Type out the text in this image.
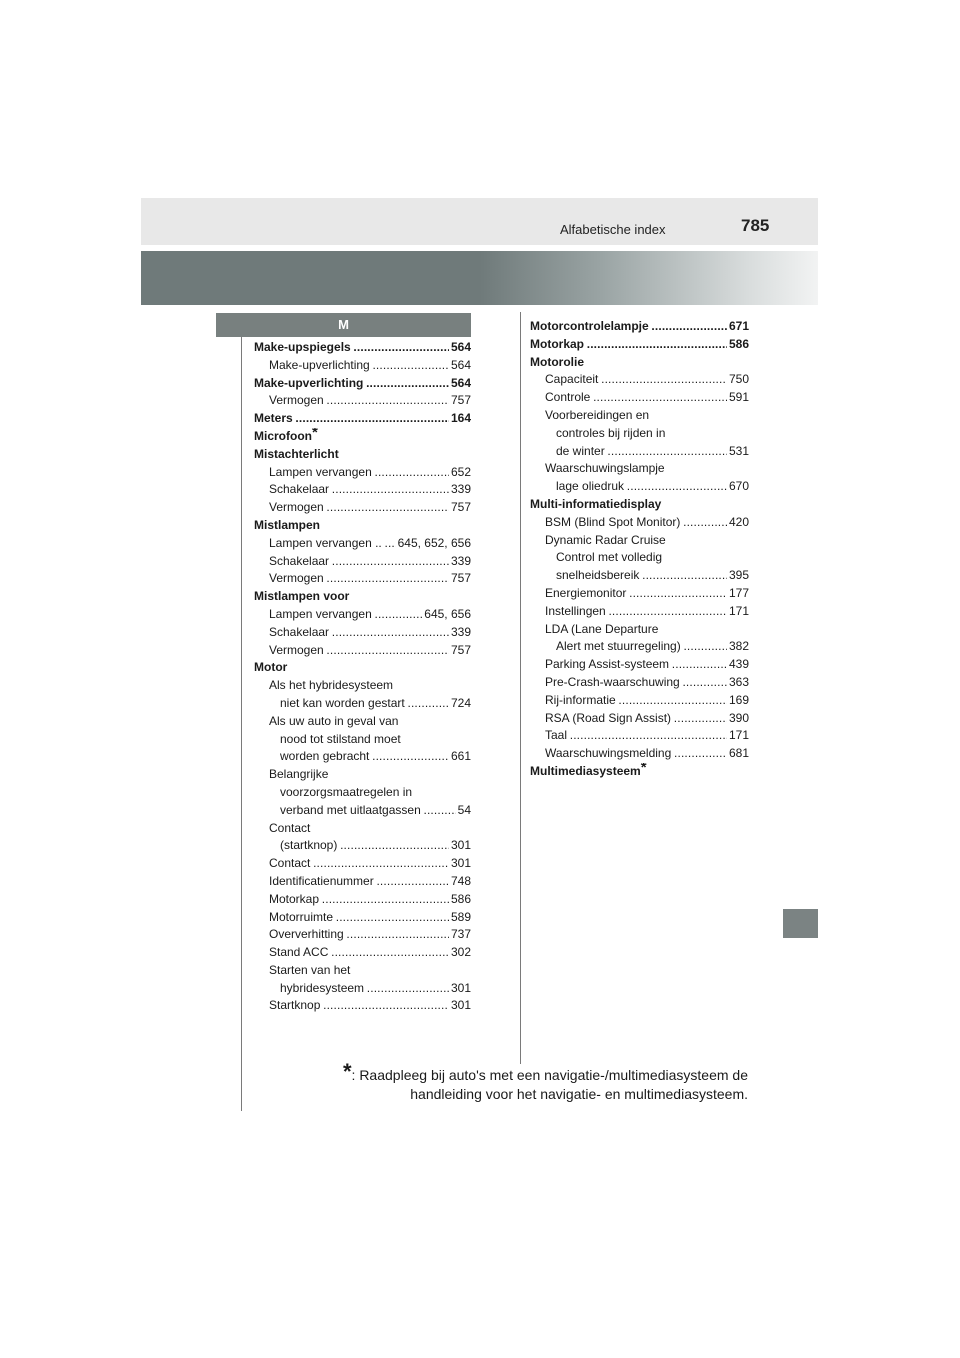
Alfabetische index	785
M
Make-upspiegels	564
. . .
Make-upverlichting	564
. . .
Make-upverlichting	564
. . .
Vermogen	757
. . .
Meters	164
. . .
Microfoon*
Mistachterlicht
Lampen vervangen	652
. . .
Schakelaar	339
. . .
Vermogen	757
. . .
Mistlampen
Lampen vervangen .. 645, 652, 656
. . .
Schakelaar	339
. . .
Vermogen	757
. . .
Mistlampen voor
Lampen vervangen	645, 656
. . .
Schakelaar	339
. . .
Vermogen	757
. . .
Motor
Als het hybridesysteem
niet kan worden gestart	724
. . .
Als uw auto in geval van
nood tot stilstand moet
worden gebracht	661
. . .
Belangrijke
voorzorgsmaatregelen in
verband met uitlaatgassen	54
. . .
Contact
(startknop)	301
. . .
Contact	301
. . .
Identificatienummer	748
. . .
Motorkap	586
. . .
Motorruimte	589
. . .
Oververhitting	737
. . .
Stand ACC	302
. . .
Starten van het
hybridesysteem	301
. . .
Startknop	301
. . .
Motorcontrolelampje	671
. . .
Motorkap	586
. . .
Motorolie
Capaciteit	750
. . .
Controle	591
. . .
Voorbereidingen en
controles bij rijden in
de winter	531
. . .
Waarschuwingslampje
lage oliedruk	670
. . .
Multi-informatiedisplay
BSM (Blind Spot Monitor)	420
. . .
Dynamic Radar Cruise
Control met volledig
snelheidsbereik	395
. . .
Energiemonitor	177
. . .
Instellingen	171
. . .
LDA (Lane Departure
Alert met stuurregeling)	382
. . .
Parking Assist-systeem	439
. . .
Pre-Crash-waarschuwing	363
. . .
Rij-informatie	169
. . .
RSA (Road Sign Assist)	390
. . .
Taal	171
. . .
Waarschuwingsmelding	681
. . .
Multimediasysteem*
*: Raadpleeg bij auto's met een navigatie-/multimediasysteem de
handleiding voor het navigatie- en multimediasysteem.
